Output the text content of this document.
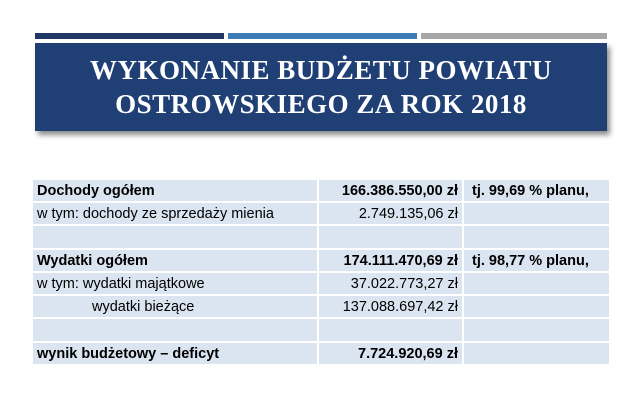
WYKONANIE BUDŻETU POWIATU
OSTROWSKIEGO ZA ROK 2018
Dochody ogółem	166.386.550,00 zł	tj. 99,69 % planu,
w tym: dochody ze sprzedaży mienia	2.749.135,06 zł	

Wydatki ogółem	174.111.470,69 zł	tj. 98,77 % planu,
w tym: wydatki majątkowe	37.022.773,27 zł	
wydatki bieżące	137.088.697,42 zł	

wynik budżetowy – deficyt	7.724.920,69 zł	
